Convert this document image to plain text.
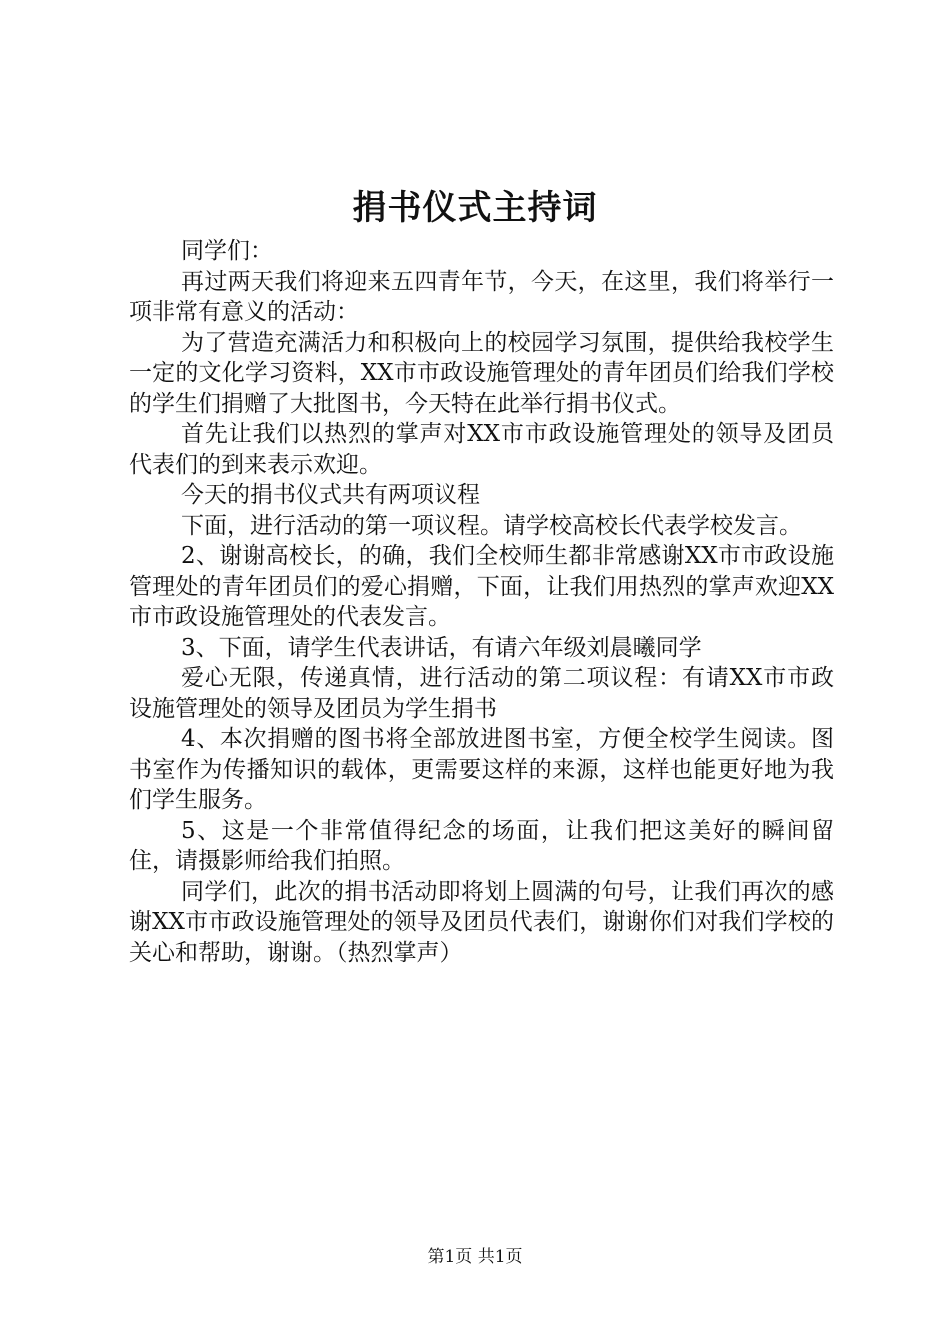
捐书仪式主持词

同学们：

再过两天我们将迎来五四青年节，今天，在这里，我们将举行一项非常有意义的活动：

为了营造充满活力和积极向上的校园学习氛围，提供给我校学生一定的文化学习资料，XX市市政设施管理处的青年团员们给我们学校的学生们捐赠了大批图书，今天特在此举行捐书仪式。

首先让我们以热烈的掌声对XX市市政设施管理处的领导及团员代表们的到来表示欢迎。

今天的捐书仪式共有两项议程

下面，进行活动的第一项议程。请学校高校长代表学校发言。

2、谢谢高校长，的确，我们全校师生都非常感谢XX市市政设施管理处的青年团员们的爱心捐赠，下面，让我们用热烈的掌声欢迎XX市市政设施管理处的代表发言。

3、下面，请学生代表讲话，有请六年级刘晨曦同学

爱心无限，传递真情，进行活动的第二项议程：有请XX市市政设施管理处的领导及团员为学生捐书

4、本次捐赠的图书将全部放进图书室，方便全校学生阅读。图书室作为传播知识的载体，更需要这样的来源，这样也能更好地为我们学生服务。

5、这是一个非常值得纪念的场面，让我们把这美好的瞬间留住，请摄影师给我们拍照。

同学们，此次的捐书活动即将划上圆满的句号，让我们再次的感谢XX市市政设施管理处的领导及团员代表们，谢谢你们对我们学校的关心和帮助，谢谢。（热烈掌声）

第1页 共1页
